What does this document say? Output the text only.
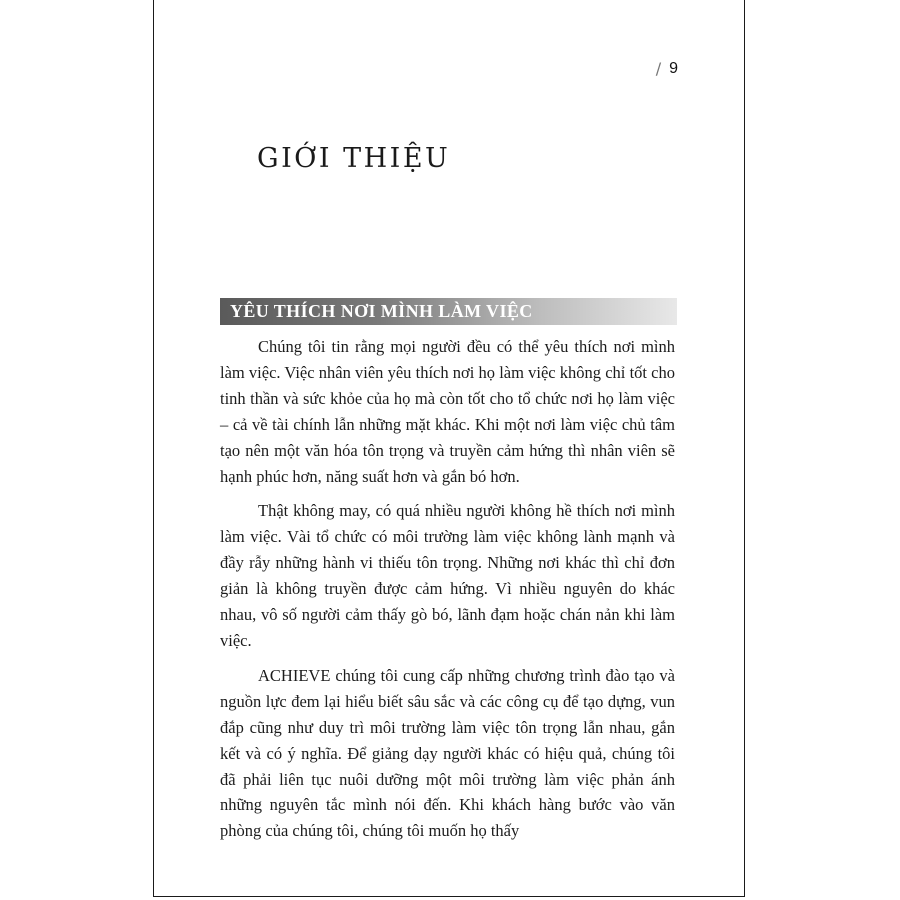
/ 9
GIỚI THIỆU
YÊU THÍCH NƠI MÌNH LÀM VIỆC

Chúng tôi tin rằng mọi người đều có thể yêu thích nơi mình làm việc. Việc nhân viên yêu thích nơi họ làm việc không chỉ tốt cho tinh thần và sức khỏe của họ mà còn tốt cho tổ chức nơi họ làm việc – cả về tài chính lẫn những mặt khác. Khi một nơi làm việc chủ tâm tạo nên một văn hóa tôn trọng và truyền cảm hứng thì nhân viên sẽ hạnh phúc hơn, năng suất hơn và gắn bó hơn.

Thật không may, có quá nhiều người không hề thích nơi mình làm việc. Vài tổ chức có môi trường làm việc không lành mạnh và đầy rẫy những hành vi thiếu tôn trọng. Những nơi khác thì chỉ đơn giản là không truyền được cảm hứng. Vì nhiều nguyên do khác nhau, vô số người cảm thấy gò bó, lãnh đạm hoặc chán nản khi làm việc.

ACHIEVE chúng tôi cung cấp những chương trình đào tạo và nguồn lực đem lại hiểu biết sâu sắc và các công cụ để tạo dựng, vun đắp cũng như duy trì môi trường làm việc tôn trọng lẫn nhau, gắn kết và có ý nghĩa. Để giảng dạy người khác có hiệu quả, chúng tôi đã phải liên tục nuôi dưỡng một môi trường làm việc phản ánh những nguyên tắc mình nói đến. Khi khách hàng bước vào văn phòng của chúng tôi, chúng tôi muốn họ thấy
